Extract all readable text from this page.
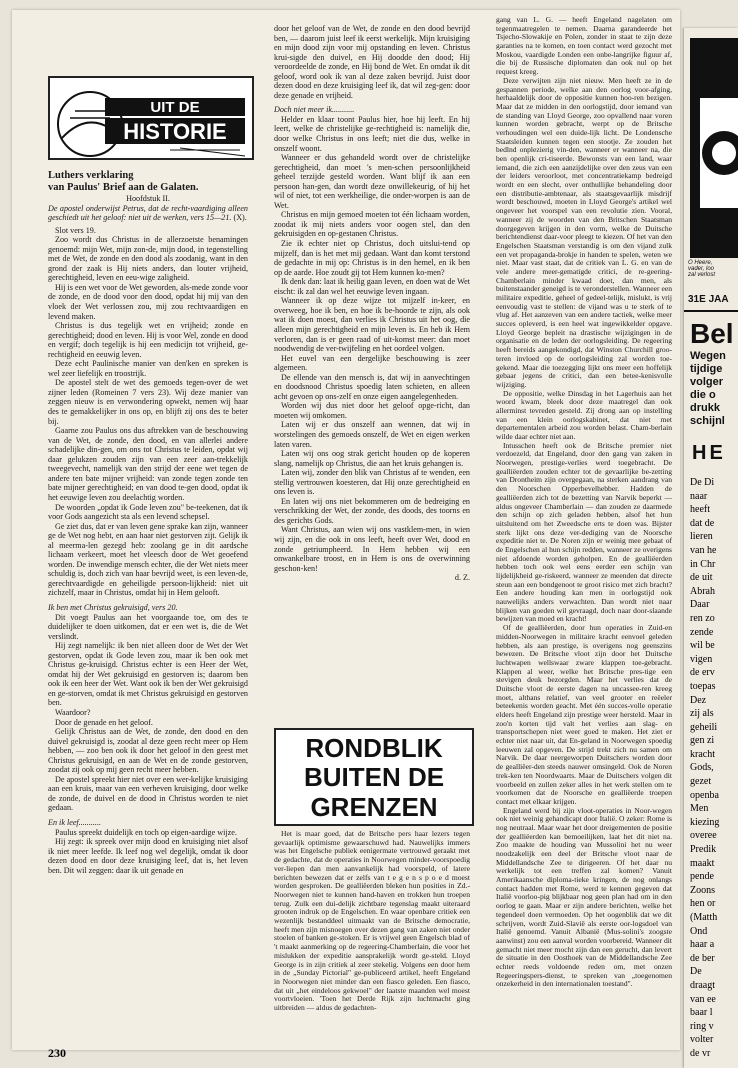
UIT DE
HISTORIE

Luthers verklaring
van Paulus' Brief aan de Galaten.

Hoofdstuk II.

De apostel onderwijst Petrus, dat de recht-vaardiging alleen geschiedt uit het geloof: niet uit de werken, vers 15—21. (X).

Slot vers 19.

Zoo wordt dus Christus in de allerzoetste benamingen genoemd: mijn Wet, mijn zon-de, mijn dood, in tegenstelling met de Wet, de zonde en den dood als zoodanig, want in den grond der zaak is Hij niets anders, dan louter vrijheid, gerechtigheid, leven en eeu-wige zaligheid.

Hij is een wet voor de Wet geworden, als-mede zonde voor de zonde, en de dood voor den dood, opdat hij mij van den vloek der Wet verlossen zou, mij zou rechtvaardigen en levend maken.

Christus is dus tegelijk wet en vrijheid; zonde en gerechtigheid; dood en leven. Hij is voor Wel, zonde en dood en vergif; doch tegelijk is hij een medicijn tot vrijheid, ge-rechtigheid en eeuwig leven.

Deze echt Paulinische manier van den'ken en spreken is wel zeer liefelijk en troostrijk.

De apostel stelt de wet des gemoeds tegen-over de wet zijner leden (Romeinen 7 vers 23). Wij deze manier van zeggen nieuw is en verwondering opwekt, nemen wij haar des te gemakkelijker in ons op, en blijft zij ons des te beter bij.

Gaarne zou Paulus ons dus aftrekken van de beschouwing van de Wet, de zonde, den dood, en van allerlei andere schadelijke din-gen, om ons tot Christus te leiden, opdat wij daar gelukzen zouden zijn van een zeer aan-trekkelijk tweegevecht, namelijk van den strijd der eene wet tegen de andere ten bate mijner vrijheid: van zonde tegen zonde ten bate mijner gerechtigheid; en van dood te-gen dood, opdat ik het eeuwige leven zou deelachtig worden.

De woorden „opdat ik Gode leven zou" be-teekenen, dat ik voor Gods aangezicht sta als een levend schepsel.

Ge ziet dus, dat er van leven gene sprake kan zijn, wanneer ge de Wet nog hebt, en aan haar niet gestorven zijt. Gelijk ik al meerma-len gezegd heb: zoolang ge in dit aardsche lichaam verkeert, moet het vleesch door de Wet geoefend worden. De inwendige mensch echter, die der Wet niets meer schuldig is, doch zich van haar bevrijd weet, is een leven-de, gerechtvaardigde en geheiligde persoon-lijkheid: niet uit zichzelf, maar in Christus, omdat hij in Hem gelooft.

Ik ben met Christus gekruisigd, vers 20.

Dit voegt Paulus aan het voorgaande toe, om des te duidelijker te doen uitkomen, dat er een wet is, die de Wet verslindt.

Hij zegt namelijk: ik ben niet alleen door de Wet der Wet gestorven, opdat ik Gode leven zou, maar ik ben ook met Christus ge-kruisigd. Christus echter is een Heer der Wet, omdat hij der Wet gekruisigd en gestorven is; daarom ben ook ik een heer der Wet. Want ook ik ben der Wet gekruisigd en ge-storven, omdat ik met Christus gekruisigd en gestorven ben.

Waardoor?

Door de genade en het geloof.

Gelijk Christus aan de Wet, de zonde, den dood en den duivel gekruisigd is, zoodat al deze geen recht meer op Hem hebben, — zoo ben ook ik door het geloof in den geest met Christus gekruisigd, en aan de Wet en de zonde gestorven, zoodat zij ook op mij geen recht meer hebben.

De apostel spreekt hier niet over een wer-kelijke kruisiging aan een kruis, maar van een verheven kruisiging, door welke de zonde, de duivel en de dood in Christus worden te niet gedaan.

En ik leef...........

Paulus spreekt duidelijk en toch op eigen-aardige wijze.

Hij zegt: ik spreek over mijn dood en kruisiging niet alsof ik niet meer leefde. Ik leef nog wel degelijk, omdat ik door dezen dood en door deze kruisiging leef, dat is, het leven ben. Dit wil zeggen: daar ik uit genade en

door het geloof van de Wet, de zonde en den dood bevrijd ben, — daarom juist leef ik eerst werkelijk. Mijn kruisiging en mijn dood zijn voor mij opstanding en leven. Christus krui-sigde den duivel, en Hij doodde den dood; Hij veroordeelde de zonde, en Hij bond de Wet. En omdat ik dit geloof, word ook ik van al deze zaken bevrijd. Juist door dezen dood en deze kruisiging leef ik, dat wil zeg-gen: door deze genade en vrijheid.

Doch niet meer ik...........

Helder en klaar toont Paulus hier, hoe hij leeft. En hij leert, welke de christelijke ge-rechtigheid is: namelijk die, door welke Christus in ons leeft; niet die dus, welke in onszelf woont.

Wanneer er dus gehandeld wordt over de christelijke gerechtigheid, dan moet 's men-schen persoonlijkheid geheel terzijde gesteld worden. Want blijf ik aan een persoon han-gen, dan wordt deze onwillekeurig, of hij het wil of niet, tot een werkheilige, die onder-worpen is aan de Wet.

Christus en mijn gemoed moeten tot één lichaam worden, zoodat ik mij niets anders voor oogen stel, dan den gekruisigden en op-gestanen Christus.

Zie ik echter niet op Christus, doch uitslui-tend op mijzelf, dan is het met mij gedaan. Want dan komt terstond de gedachte in mij op: Christus is in den hemel, en ik ben op de aarde. Hoe zoudt gij tot Hem kunnen ko-men?

Ik denk dan: laat ik heilig gaan leven, en doen wat de Wet eischt: ik zal dan wel het eeuwige leven ingaan.

Wanneer ik op deze wijze tot mijzelf in-keer, en overweeg, hoe ik ben, en hoe ik be-hoorde te zijn, als ook wat ik doen moest, dan verlies ik Christus uit het oog, die alleen mijn gerechtigheid en mijn leven is. En heb ik Hem verloren, dan is er geen raad of uit-komst meer: dan moet noodwendig de ver-twijfeling en het oordeel volgen.

Het euvel van een dergelijke beschouwing is zeer algemeen.

De ellende van den mensch is, dat wij in aanvechtingen en doodsnood Christus spoedig laten schieten, en alleen acht gevoen op ons-zelf en onze eigen aangelegenheden.

Worden wij dus niet door het geloof opge-richt, dan moeten wij omkomen.

Laten wij er dus onszelf aan wennen, dat wij in worstelingen des gemoeds onszelf, de Wet en eigen werken laten varen.

Laten wij ons oog strak gericht houden op de koperen slang, namelijk op Christus, die aan het kruis gehangen is.

Laten wij, zonder den blik van Christus af te wenden, een stellig vertrouwen koesteren, dat Hij onze gerechtigheid en ons leven is.

En laten wij ons niet bekommeren om de bedreiging en verschrikking der Wet, der zonde, des doods, des toorns en des gerichts Gods.

Want Christus, aan wien wij ons vastklem-men, in wien wij zijn, en die ook in ons leeft, heeft over Wet, dood en zonde getriumpheerd. In Hem hebben wij een onwankelbare troost, en in Hem is ons de overwinning geschon-ken!

d. Z.

RONDBLIK
BUITEN DE
GRENZEN

Het is maar goed, dat de Britsche pers haar lezers tegen gevaarlijk optimisme gewaarschuwd had. Nauwelijks immers was het Engelsche publiek eenigermate vertrouwd geraakt met de gedachte, dat de operaties in Noorwegen minder-voorspoedig ver-liepen dan men aanvankelijk had voorspeld, of latere berichten bewezen dat er zelfs van t e g e n s p o e d moest worden gesproken. De gealliëerden bleken hun posities in Zd.-Noorwegen niet te kunnen hand-haven en trokken hun troepen terug. Zulk een dui-delijk zichtbare tegenslag maakt uiteraard grooten indruk op de Engelschen. En waar openbare critiek een wezenlijk bestanddeel uitmaakt van de Britsche democratie, heeft men zijn misnoegen over dezen gang van zaken niet onder stoelen of banken ge-stoken. Er is vrijwel geen Engelsch blad of 't maakt aanmerking op de regeering-Chamberlain, die voor het mislukken der expeditie aansprakelijk wordt ge-steld. Lloyd George is in zijn critiek al zeer stekelig. Volgens een door hem in de „Sunday Pictorial" ge-publiceerd artikel, heeft Engeland in Noorwegen niet minder dan een fiasco geleden. Een fiasco, dat uit „het eindeloos gekwoel" der laatste maanden wel moest voortvloeien. 'Toen het Derde Rijk zijn luchtmacht ging uitbreiden — aldus de gedachten-

gang van L. G. — heeft Engeland nagelaten om tegenmaatregelen te nemen. Daarna garandeerde het Tsjecho-Slowakije en Polen, zonder in staat te zijn deze garanties na te komen, en toen contact werd gezocht met Moskou, vaardigde Londen een onbe-langrijke figuur af, die bij de Russische diplomaten dan ook nul op het request kreeg.

Deze verwijten zijn niet nieuw. Men heeft ze in de gespannen periode, welke aan den oorlog voor-afging, herhaaldelijk door de oppositie kunnen hoo-ren bezigen. Maar dat ze midden in den oorlogstijd, door iemand van de standing van Lloyd George, zoo opvallend naar voren kunnen worden gebracht, werpt op de Britsche verhoudingen wel een duide-lijk licht. De Londensche Staatsleiden kunnen tegen een stootje. Ze zouden het bedlnd onplezierig vin-den, wanneer er wanneer na, die ben openlijk cri-tiseerde. Bewonsts van een land, waar iemand, die zich een aanzijdelijke over den zeus van een der leiders veroorloot, met concentratiekamp bedreigd wordt en een slecht, over onthullijke behandeling door een distributie-ambtenaar, als staatsgevaarlijk misdrijf wordt beschouwd, moeten in Lloyd George's artikel wel ongeveer het voorspel van een revolutie zien. Vooral, wanneer zij de woorden van den Britschen Staatsman doorgegeven krijgen in den vorm, welke de Duitsche berichtendienst daar-voor pleegt te kiezen. Of het van den Engelschen Staatsman verstandig is om den vijand zulk een vet propaganda-brokje in handen te spelen, weten we niet. Maar vast staat, dat de critiek van L. G. en van de vele andere meer-gematigde critici, de re-geering-Chamberlain minder kwaad doet, dan men, als buitenstaander geneigd is te veronderstellen. Wanneer een militaire expeditie, geheel of gedeel-telijk, mislukt, is vrij eenvoudig vast te stellen: de vijand was u te sterk of te vlug af. Het aanzeven van een andere tactiek, welke meer succes opleverd, is een heel wat ingewikkelder opgave. Lloyd George bepleit na drastische wijzigingen in de organisatie en de leden der oorlogsleiding. De regeering heeft bereids aangekondigd, dat Winston Churchill groo-teren invloed op de oorlogsleiding zal worden toe-gekend. Maar die toezegging lijkt ons meer een hoffelijk gebaar jegens de critici, dan een betee-kenisvolle wijziging.

De oppositie, welke Dinsdag in het Lagerhuis aan het woord kwam, bleek door deze maatregel dan ook allerminst tevreden gesteld. Zij drong aan op instelling van een klein oorlogskabinet, dat niet met departementalen arbeid zou worden belast. Cham-berlain wilde daar echter niet aan.

Intusschen heeft ook de Britsche premier niet verdoezeld, dat Engeland, door den gang van zaken in Noorwegen, prestige-verlies werd toegebracht. De gealliëerden zouden echter tot de gevaarlijke be-zetting van Drontheim zijn overgegaan, na sterken aandrang van den Noorschen Opperbevelhebber. Hadden de gealliëerden zich tot de bezetting van Narvik beperkt — aldus ongeveer Chamberlain — dan zouden ze daarmede den schijn op zich geladen hebben, alsof het hun uitsluitend om het Zweedsche erts te doen was. Bijster sterk lijkt ons deze ver-dediging van de Noorsche expeditie niet te. De Noren zijn er weinig mee gebaat of de Engelschen al hun schijn redden, wanneer ze overigens niet afdoende worden geholpen. En de gealliëerden hebben toch ook wel eens eerder een schijn van lijdelijkheid ge-riskeerd, wanneer ze meenden dat directe steun aan een bondgenoot te groot risico met zich bracht? Een andere houding kan men in oorlogstijd ook nauwelijks anders verwachten. Dan wordt niet naar blijken van goeden wil gevraagd, doch naar door-slaande bewijzen van moed en kracht!

Of de gealliëerden, door hun operaties in Zuid-en midden-Noorwegen in militaire kracht eenvoel geleden hebben, als aan prestige, is overigens nog geenszins bewezen. De Britsche vloot zijn door het Duitsche luchtwapen wellswaar zware klappen toe-gebracht. Klappen al weer, welke het Britsche pres-tige een stevigen deuk bezorgden. Maar het verlies dat de Duitsche vloot de eerste dagen na uncassee-ren kreeg moet, althans relatief, van veel grooter en reëeler beteekenis worden geacht. Met één succes-volle operatie elders heeft Engeland zijn prestige weer hersteld. Maar in zoo'n korten tijd valt het verlies aan slag- en transportschepen niet weer goed te maken. Het ziet er echter niet naar uit, dat En-geland in Noorwegen spoedig leeuwen zal opgeven. De strijd trekt zich nu samen om Narvik. De daar neergeworpen Duitschers worden door de gealliëer-den steeds nauwer omsingeld. Ook de Noren trek-ken ten Noordwaarts. Maar de Duitschers volgen dit voorbeeld en zullen zeker alles in het werk stellen om te voorkomen dat de Noorsche en gealliëerde troepen contact met elkaar krijgen.

Engeland werd bij zijn vloot-operaties in Noor-wegen ook niet weinig gehandicapt door Italië. O zeker: Rome is nog neutraal. Maar waar het door dreigementen de positie der gealliëerden kan bemoeilijken, laat het dit niet na. Zoo maakte de houding van Mussolini het nu weer noodzakelijk een deel der Britsche vloot naar de Middellandsche Zee te dirigeeren. Of het daar nu werkelijk tot een treffen zal komen? Vanuit Amerikaansche diploma-tieke kringen, de nog onlangs contact hadden met Rome, werd te kennen gegeven dat Italië voorloo-pig blijkbaar nog geen plan had om in den oorlog te gaan. Maar er zijn andere berichten, welke het tegendeel doen vermoeden. Op het oogenblik dat we dit schrijven, wordt Zuid-Slavië als eerste oor-logsdoel van Italië genoemd. Vanuit Albanië (Mus-solini's zoogste aanwinst) zou een aanval worden voorbereid. Wanneer dit gemacht niet meer mocht zijn dan een gerucht, dan levert de situatie in den Oosthoek van de Middellandsche Zee echter reeds voldoende reden om, met onzen Regeeringspers-dienst, te spreken van „toegenomen onzekerheid in den internationalen toestand".

230
O Heere,
vader, loo
zal verlost
31E JAA
Bel

Wegen

tijdige

volger

die o

drukk

schijnl

HE

De Di

naar

heeft

dat de

lieren

van he

in Chr

de uit

Abrah

Daar

ren zo

zende

wil be

vigen

de erv

toepas

Dez

zij als

geheili

gen zi

kracht

Gods,

gezet

openba

Men

kiezing

overee

Predik

maakt

pende

Zoons

hen or

(Matth

Ond

haar a

de ber

De

draagt

van ee

baar l

ring v

volter

de vr
